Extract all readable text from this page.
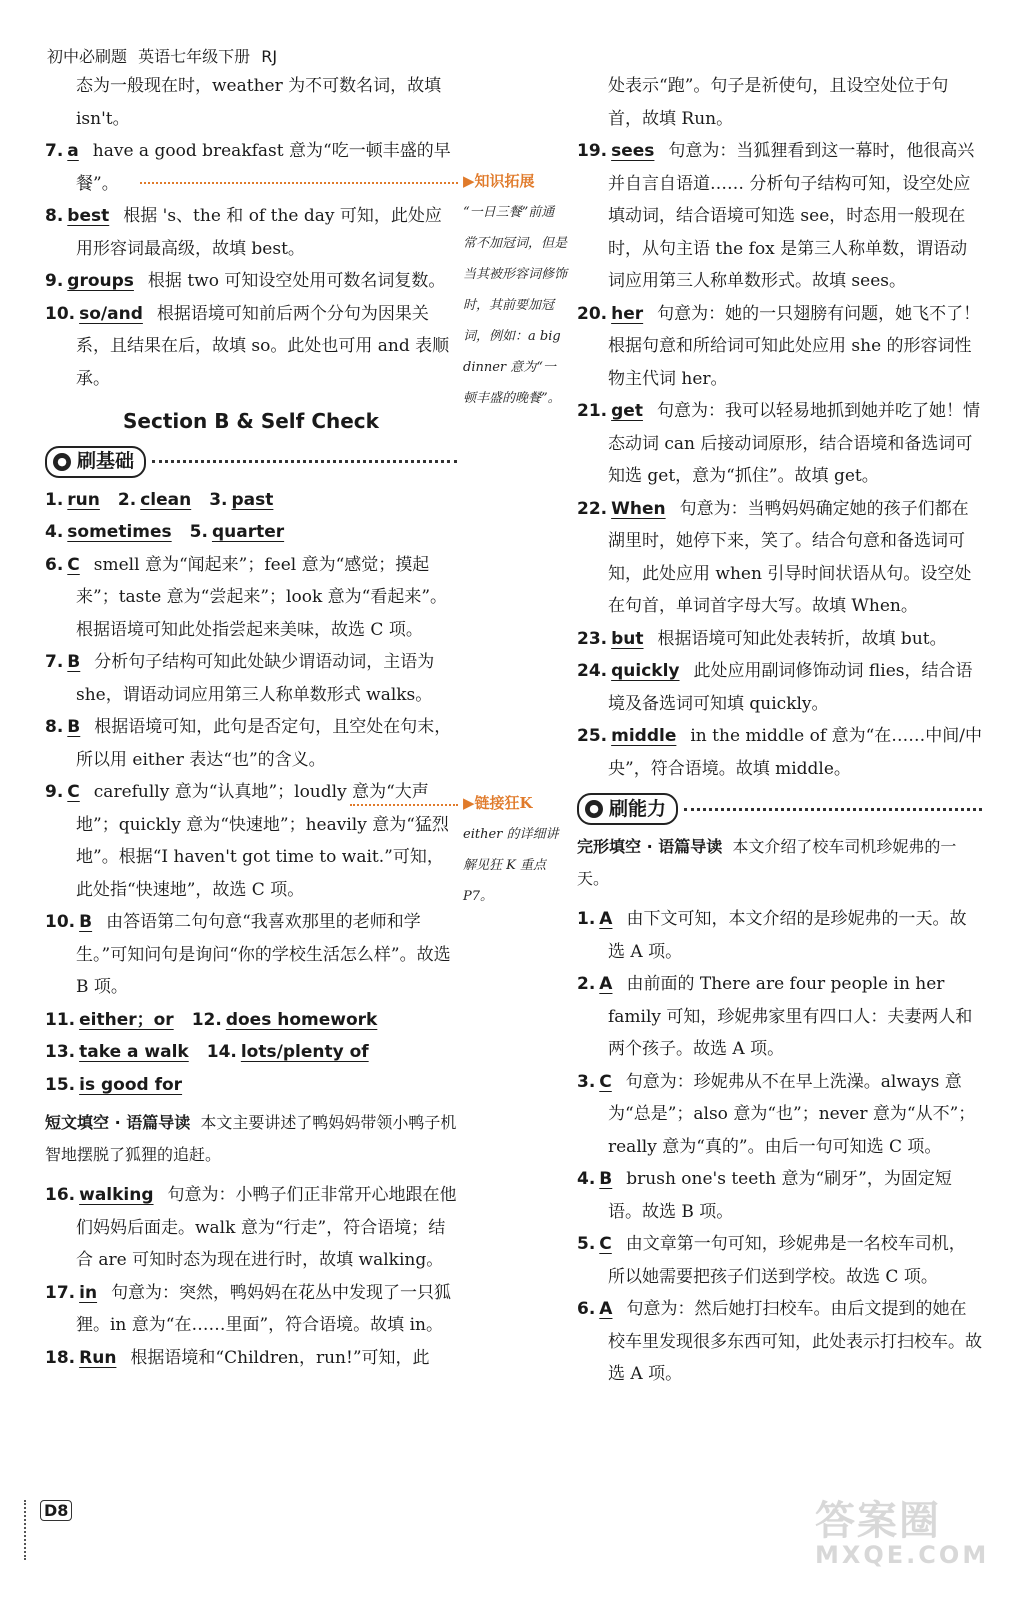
初中必刷题 英语七年级下册 RJ

态为一般现在时，weather 为不可数名词，故填 isn't。

7. a have a good breakfast 意为“吃一顿丰盛的早餐”。

8. best 根据 's、the 和 of the day 可知，此处应用形容词最高级，故填 best。

9. groups 根据 two 可知设空处用可数名词复数。

10. so/and 根据语境可知前后两个分句为因果关系，且结果在后，故填 so。此处也可用 and 表顺承。

Section B & Self Check

● 刷基础

1. run 2. clean 3. past

4. sometimes 5. quarter

6. C smell 意为“闻起来”；feel 意为“感觉；摸起来”；taste 意为“尝起来”；look 意为“看起来”。根据语境可知此处指尝起来美味，故选 C 项。

7. B 分析句子结构可知此处缺少谓语动词，主语为 she，谓语动词应用第三人称单数形式 walks。

8. B 根据语境可知，此句是否定句，且空处在句末，所以用 either 表达“也”的含义。

9. C carefully 意为“认真地”；loudly 意为“大声地”；quickly 意为“快速地”；heavily 意为“猛烈地”。根据“I haven't got time to wait.”可知，此处指“快速地”，故选 C 项。

10. B 由答语第二句句意“我喜欢那里的老师和学生。”可知问句是询问“你的学校生活怎么样”。故选 B 项。

11. either；or 12. does homework

13. take a walk 14. lots/plenty of

15. is good for

短文填空 · 语篇导读 本文主要讲述了鸭妈妈带领小鸭子机智地摆脱了狐狸的追赶。

16. walking 句意为：小鸭子们正非常开心地跟在他们妈妈后面走。walk 意为“行走”，符合语境；结合 are 可知时态为现在进行时，故填 walking。

17. in 句意为：突然，鸭妈妈在花丛中发现了一只狐狸。in 意为“在……里面”，符合语境。故填 in。

18. Run 根据语境和“Children，run!”可知，此

▶知识拓展
“一日三餐”前通常不加冠词，但是当其被形容词修饰时，其前要加冠词，例如：a big dinner 意为“一顿丰盛的晚餐”。
▶链接狂K
either 的详细讲解见狂 K 重点 P7。

处表示“跑”。句子是祈使句，且设空处位于句首，故填 Run。

19. sees 句意为：当狐狸看到这一幕时，他很高兴并自言自语道…… 分析句子结构可知，设空处应填动词，结合语境可知选 see，时态用一般现在时，从句主语 the fox 是第三人称单数，谓语动词应用第三人称单数形式。故填 sees。

20. her 句意为：她的一只翅膀有问题，她飞不了！根据句意和所给词可知此处应用 she 的形容词性物主代词 her。

21. get 句意为：我可以轻易地抓到她并吃了她！情态动词 can 后接动词原形，结合语境和备选词可知选 get，意为“抓住”。故填 get。

22. When 句意为：当鸭妈妈确定她的孩子们都在湖里时，她停下来，笑了。结合句意和备选词可知，此处应用 when 引导时间状语从句。设空处在句首，单词首字母大写。故填 When。

23. but 根据语境可知此处表转折，故填 but。

24. quickly 此处应用副词修饰动词 flies，结合语境及备选词可知填 quickly。

25. middle in the middle of 意为“在……中间/中央”，符合语境。故填 middle。

● 刷能力

完形填空 · 语篇导读 本文介绍了校车司机珍妮弗的一天。

1. A 由下文可知，本文介绍的是珍妮弗的一天。故选 A 项。

2. A 由前面的 There are four people in her family 可知，珍妮弗家里有四口人：夫妻两人和两个孩子。故选 A 项。

3. C 句意为：珍妮弗从不在早上洗澡。always 意为“总是”；also 意为“也”；never 意为“从不”；really 意为“真的”。由后一句可知选 C 项。

4. B brush one's teeth 意为“刷牙”，为固定短语。故选 B 项。

5. C 由文章第一句可知，珍妮弗是一名校车司机，所以她需要把孩子们送到学校。故选 C 项。

6. A 句意为：然后她打扫校车。由后文提到的她在校车里发现很多东西可知，此处表示打扫校车。故选 A 项。

D8	答案圈
MXQE.COM
